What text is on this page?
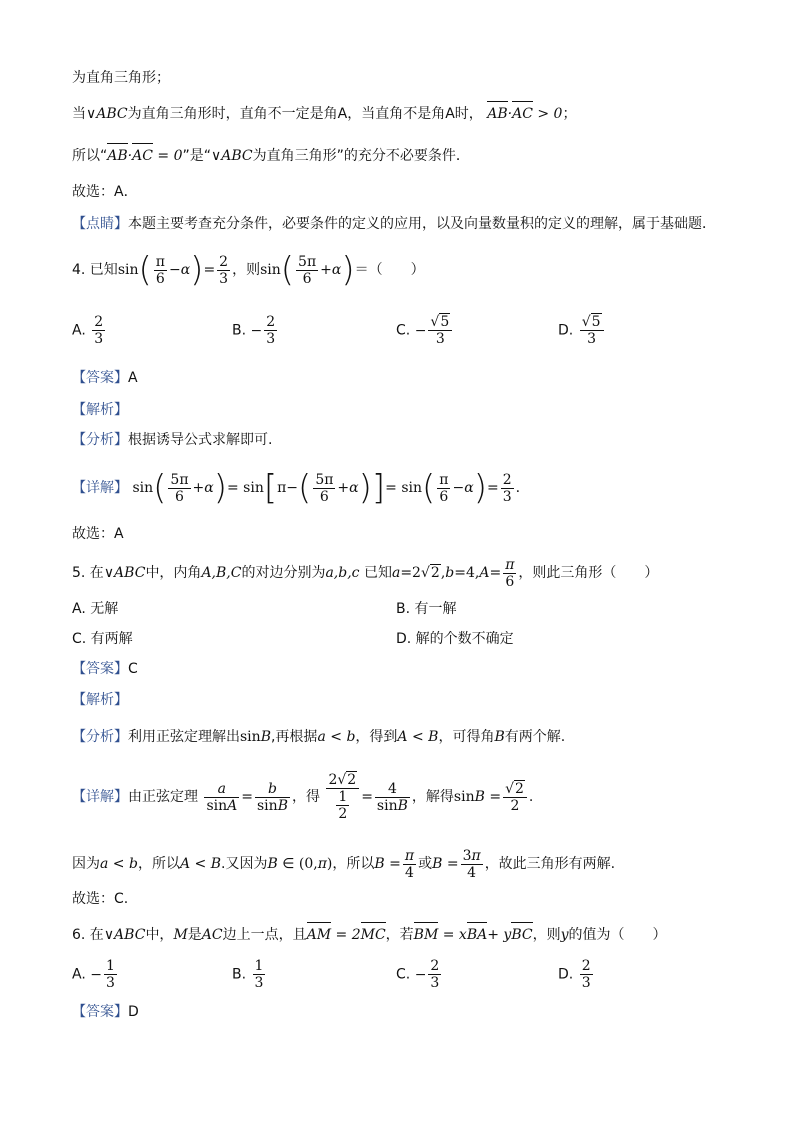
为直角三角形；
当∨ABC为直角三角形时，直角不一定是角A，当直角不是角A时， AB·AC > 0；
所以“AB·AC = 0”是“∨ABC为直角三角形”的充分不必要条件．
故选：A．
【点睛】本题主要考查充分条件，必要条件的定义的应用，以及向量数量积的定义的理解，属于基础题．
4. 已知$\sin( \frac{\pi}{6} -\alpha)= \frac{2}{3}$ ，则$\sin( \frac{5\pi}{6} +\alpha)=$（　　）
A. $\frac{2}{3}$	B. − $\frac{2}{3}$	C. − $\frac{√5}{3}$	D. $\frac{√5}{3}$
【答案】A
【解析】
【分析】根据诱导公式求解即可.
【详解】 $\sin( \frac{5\pi}{6} +\alpha)= \sin[\pi-( \frac{5\pi}{6} +\alpha)]= \sin( \frac{\pi}{6} -\alpha)= \frac{2}{3}$ .
故选：A
5. 在∨ABC中，内角A,B,C的对边分别为a,b,c 已知$a=2√2,b=4,A= \frac{\pi}{6}$ ，则此三角形（　　）
A. 无解	B. 有一解
C. 有两解	D. 解的个数不确定
【答案】C
【解析】
【分析】利用正弦定理解出sinB,再根据a < b，得到A < B，可得角B有两个解.
【详解】由正弦定理 $\frac{a}{\sin A} = \frac{b}{\sin B}$ ，得 $\frac{2√2}{\frac{1}{2}} = \frac{4}{\sin B}$ ，解得$\sin B = \frac{√2}{2}$ .
因为a < b，所以A < B.又因为B ∈ (0,π)，所以$B = \frac{\pi}{4}$ 或$B = \frac{3\pi}{4}$ ，故此三角形有两解.
故选：C.
6. 在∨ABC中，M是AC边上一点，且AM = 2MC，若BM = xBA+ yBC，则y的值为（　　）
A. − $\frac{1}{3}$	B. $\frac{1}{3}$	C. − $\frac{2}{3}$	D. $\frac{2}{3}$
【答案】D
